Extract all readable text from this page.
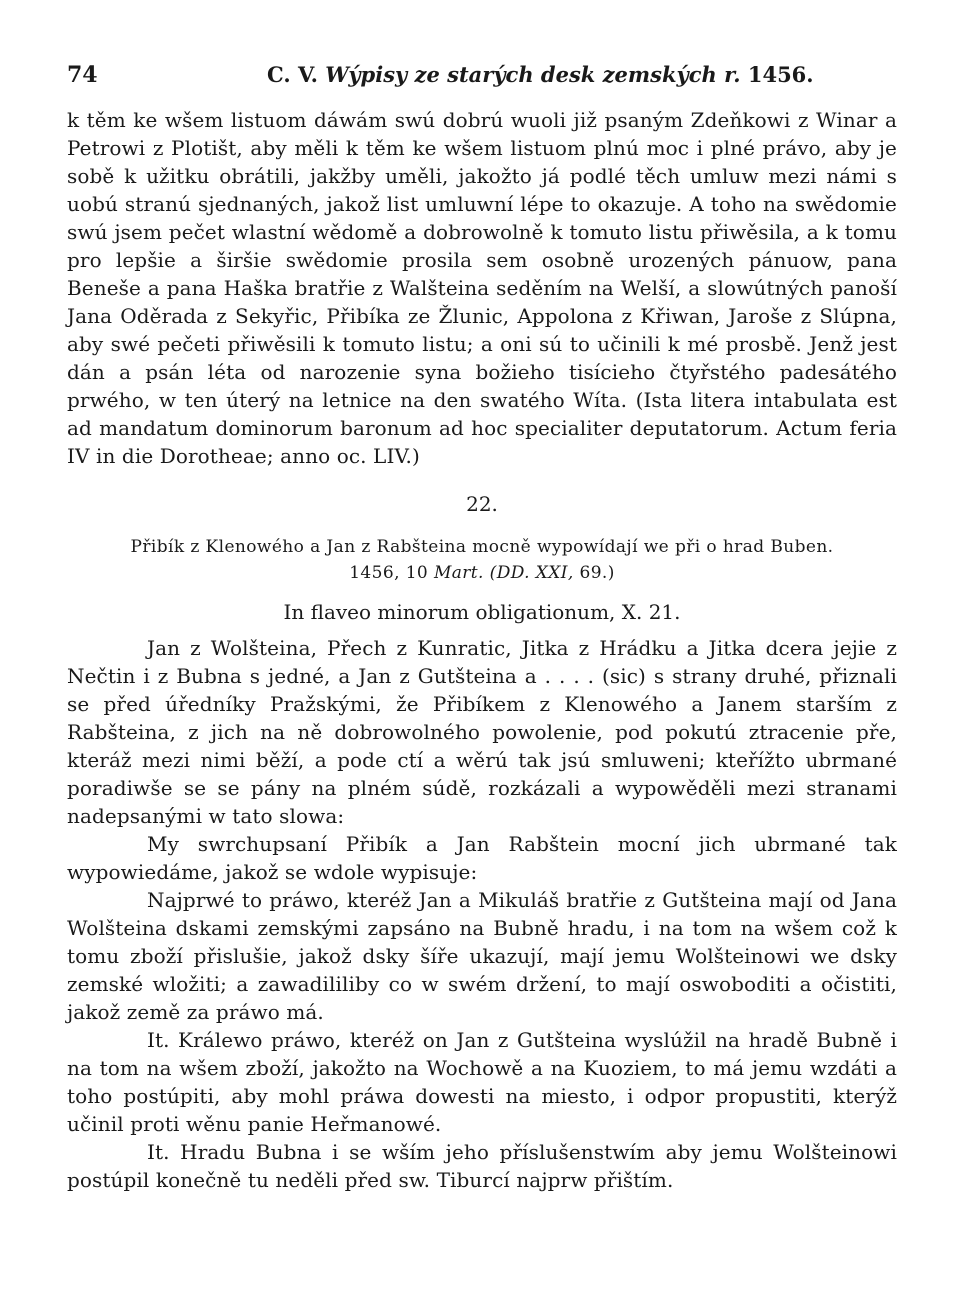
74	C. V. Wýpisy ze starých desk zemských r. 1456.

k těm ke wšem listuom dáwám swú dobrú wuoli již psaným Zdeňkowi z Winar a Petrowi z Plotišt, aby měli k těm ke wšem listuom plnú moc i plné právo, aby je sobě k užitku obrátili, jakžby uměli, jakožto já podlé těch umluw mezi námi s uobú stranú sjednaných, jakož list umluwní lépe to okazuje. A toho na swědomie swú jsem pečet wlastní wědomě a dobrowolně k tomuto listu přiwěsila, a k tomu pro lepšie a širšie swědomie prosila sem osobně urozených pánuow, pana Beneše a pana Haška bratřie z Walšteina seděním na Welší, a slowútných panoší Jana Oděrada z Sekyřic, Přibíka ze Žlunic, Appolona z Křiwan, Jaroše z Slúpna, aby swé pečeti přiwěsili k tomuto listu; a oni sú to učinili k mé prosbě. Jenž jest dán a psán léta od narozenie syna božieho tisícieho čtyřstého padesátého prwého, w ten úterý na letnice na den swatého Wíta. (Ista litera intabulata est ad mandatum dominorum baronum ad hoc specialiter deputatorum. Actum feria IV in die Dorotheae; anno oc. LIV.)

22.
Přibík z Klenowého a Jan z Rabšteina mocně wypowídají we při o hrad Buben.
1456, 10 Mart. (DD. XXI, 69.)
In flaveo minorum obligationum, X. 21.

Jan z Wolšteina, Přech z Kunratic, Jitka z Hrádku a Jitka dcera jejie z Nečtin i z Bubna s jedné, a Jan z Gutšteina a . . . . (sic) s strany druhé, přiznali se před úředníky Pražskými, že Přibíkem z Klenowého a Janem starším z Rabšteina, z jich na ně dobrowolného powolenie, pod pokutú ztracenie pře, kteráž mezi nimi běží, a pode ctí a wěrú tak jsú smluweni; kteřížto ubrmané poradiwše se se pány na plném súdě, rozkázali a wypowěděli mezi stranami nadepsanými w tato slowa:

My swrchupsaní Přibík a Jan Rabštein mocní jich ubrmané tak wypowiedáme, jakož se wdole wypisuje:

Najprwé to práwo, kteréž Jan a Mikuláš bratřie z Gutšteina mají od Jana Wolšteina dskami zemskými zapsáno na Bubně hradu, i na tom na wšem což k tomu zboží přislušie, jakož dsky šíře ukazují, mají jemu Wolšteinowi we dsky zemské wložiti; a zawadililiby co w swém držení, to mají oswoboditi a očistiti, jakož země za práwo má.

It. Králewo práwo, kteréž on Jan z Gutšteina wyslúžil na hradě Bubně i na tom na wšem zboží, jakožto na Wochowě a na Kuoziem, to má jemu wzdáti a toho postúpiti, aby mohl práwa dowesti na miesto, i odpor propustiti, kterýž učinil proti wěnu panie Heřmanowé.

It. Hradu Bubna i se wším jeho příslušenstwím aby jemu Wolšteinowi postúpil konečně tu neděli před sw. Tiburcí najprw přištím.
